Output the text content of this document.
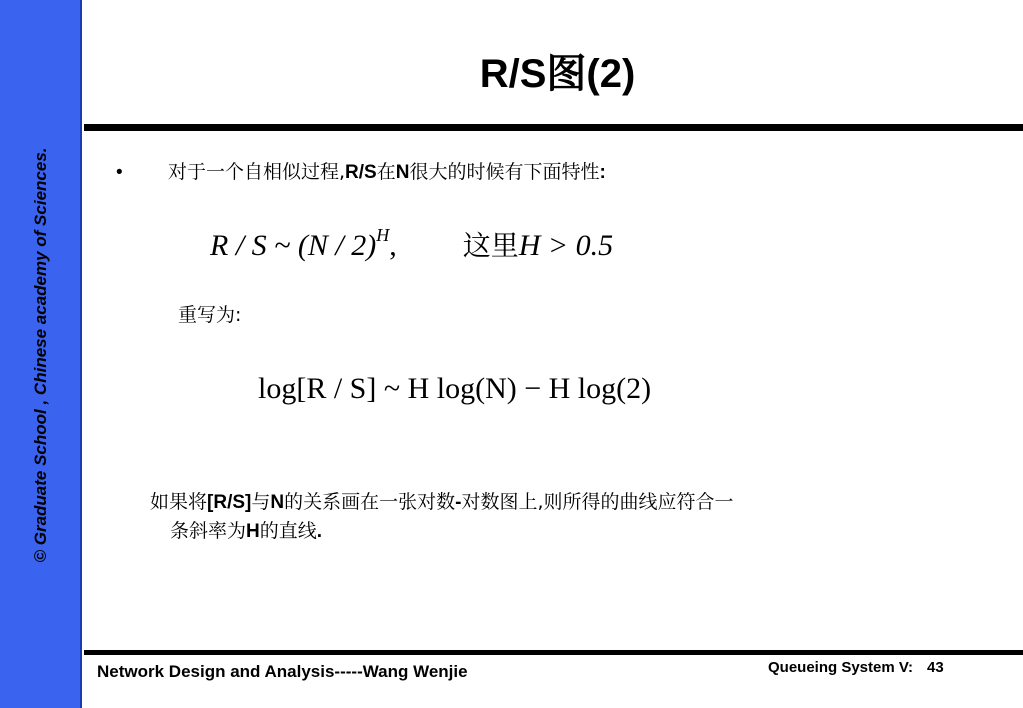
© Graduate School , Chinese academy of Sciences.
R/S图(2)
•	对于一个自相似过程,R/S在N很大的时候有下面特性:
R / S ~ (N / 2)$^H$, 这里H > 0.5
重写为:
log[R / S] ~ H log(N) − H log(2)
如果将[R/S]与N的关系画在一张对数-对数图上,则所得的曲线应符合一
条斜率为H的直线.
Network Design and Analysis-----Wang Wenjie	Queueing System V: 43
